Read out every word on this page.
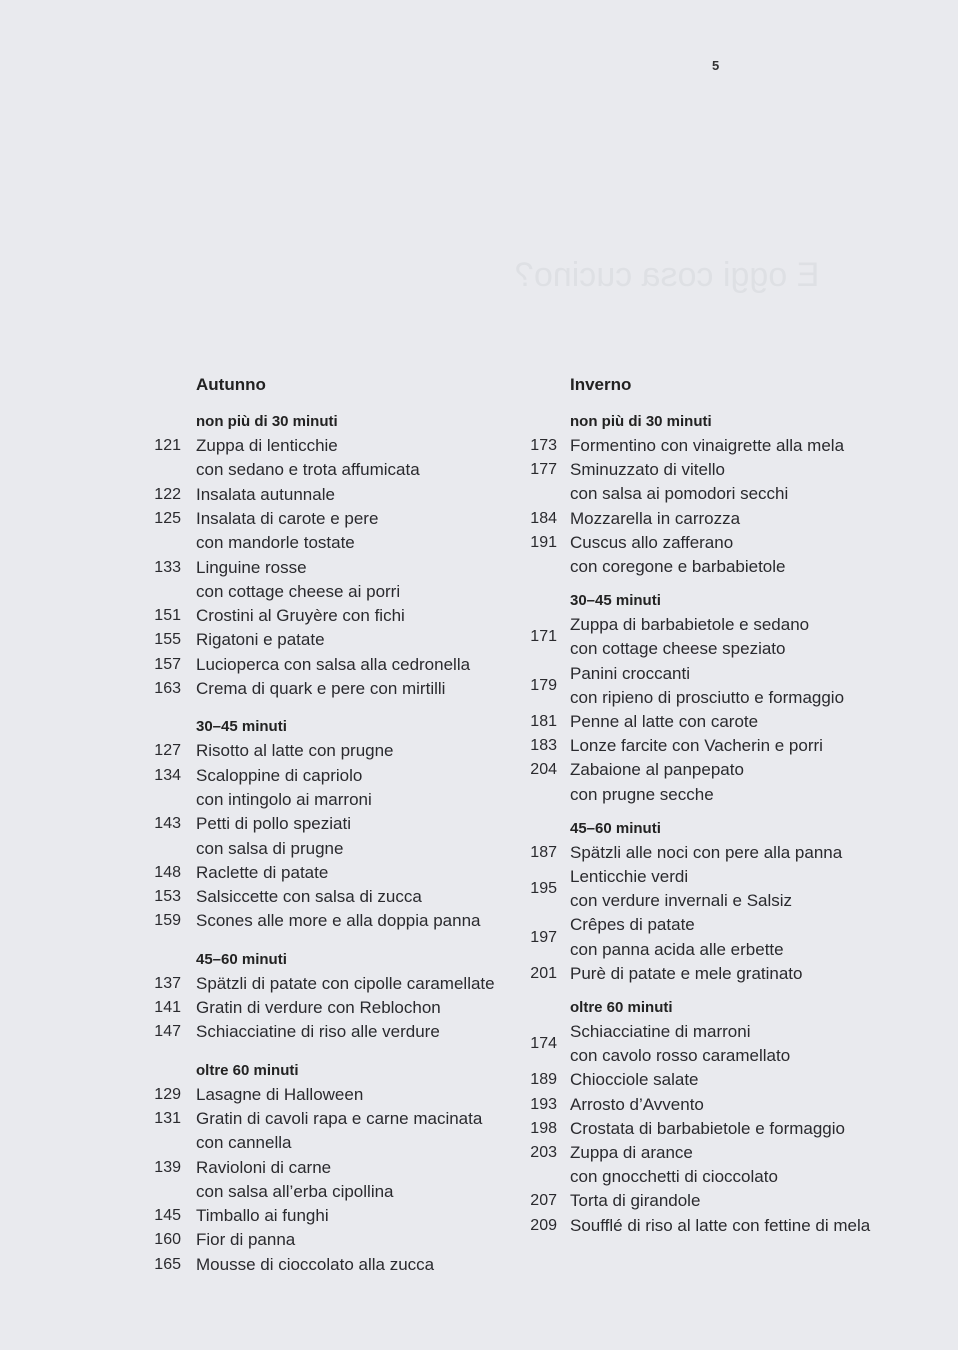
5
E oggi cosa cucino?
Autunno
non più di 30 minuti
121 Zuppa di lenticchie
con sedano e trota affumicata
122 Insalata autunnale
125 Insalata di carote e pere
con mandorle tostate
133 Linguine rosse
con cottage cheese ai porri
151 Crostini al Gruyère con fichi
155 Rigatoni e patate
157 Lucioperca con salsa alla cedronella
163 Crema di quark e pere con mirtilli
30–45 minuti
127 Risotto al latte con prugne
134 Scaloppine di capriolo
con intingolo ai marroni
143 Petti di pollo speziati
con salsa di prugne
148 Raclette di patate
153 Salsiccette con salsa di zucca
159 Scones alle more e alla doppia panna
45–60 minuti
137 Spätzli di patate con cipolle caramellate
141 Gratin di verdure con Reblochon
147 Schiacciatine di riso alle verdure
oltre 60 minuti
129 Lasagne di Halloween
131 Gratin di cavoli rapa e carne macinata
con cannella
139 Ravioloni di carne
con salsa all’erba cipollina
145 Timballo ai funghi
160 Fior di panna
165 Mousse di cioccolato alla zucca
Inverno
non più di 30 minuti
173 Formentino con vinaigrette alla mela
177 Sminuzzato di vitello
con salsa ai pomodori secchi
184 Mozzarella in carrozza
191 Cuscus allo zafferano
con coregone e barbabietole
30–45 minuti
171
Zuppa di barbabietole e sedano
con cottage cheese speziato
179
Panini croccanti
con ripieno di prosciutto e formaggio
181 Penne al latte con carote
183 Lonze farcite con Vacherin e porri
204 Zabaione al panpepato
con prugne secche
45–60 minuti
187 Spätzli alle noci con pere alla panna
195
Lenticchie verdi
con verdure invernali e Salsiz
197
Crêpes di patate
con panna acida alle erbette
201 Purè di patate e mele gratinato
oltre 60 minuti
174
Schiacciatine di marroni
con cavolo rosso caramellato
189 Chiocciole salate
193 Arrosto d’Avvento
198 Crostata di barbabietole e formaggio
203 Zuppa di arance
con gnocchetti di cioccolato
207 Torta di girandole
209 Soufflé di riso al latte con fettine di mela
